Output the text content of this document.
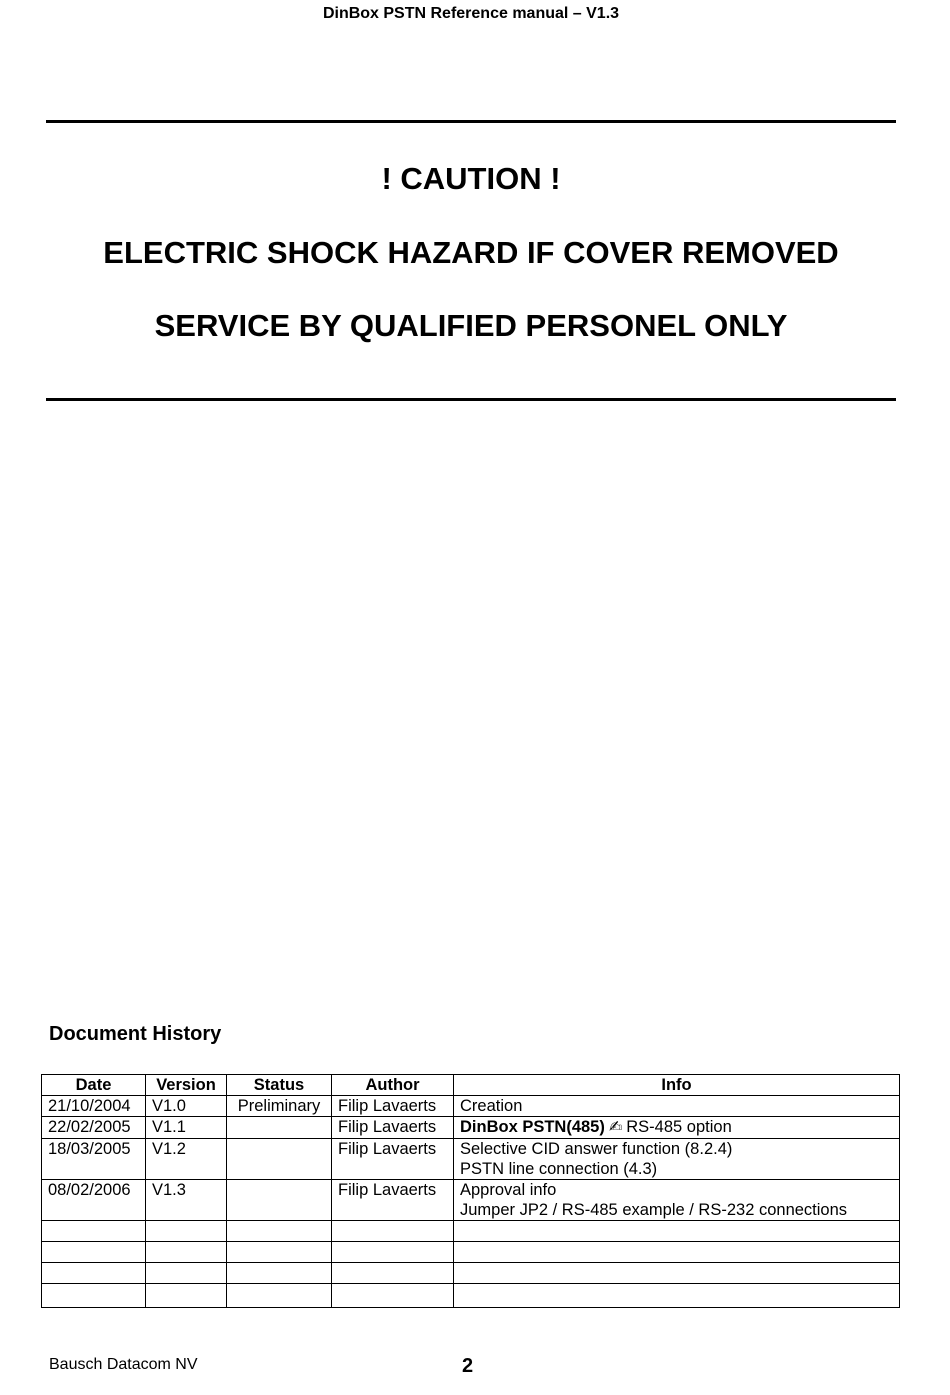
DinBox PSTN Reference manual – V1.3
! CAUTION !
ELECTRIC SHOCK HAZARD IF COVER REMOVED
SERVICE BY QUALIFIED PERSONEL ONLY
Document History
Date	Version	Status	Author	Info
21/10/2004	V1.0	Preliminary	Filip Lavaerts	Creation

22/02/2005	V1.1		Filip Lavaerts	DinBox PSTN(485) ✍ RS-485 option

18/03/2005	V1.2		Filip Lavaerts	Selective CID answer function (8.2.4)
PSTN line connection (4.3)

08/02/2006	V1.3		Filip Lavaerts	Approval info
Jumper JP2 / RS-485 example / RS-232 connections

Bausch Datacom NV	2
